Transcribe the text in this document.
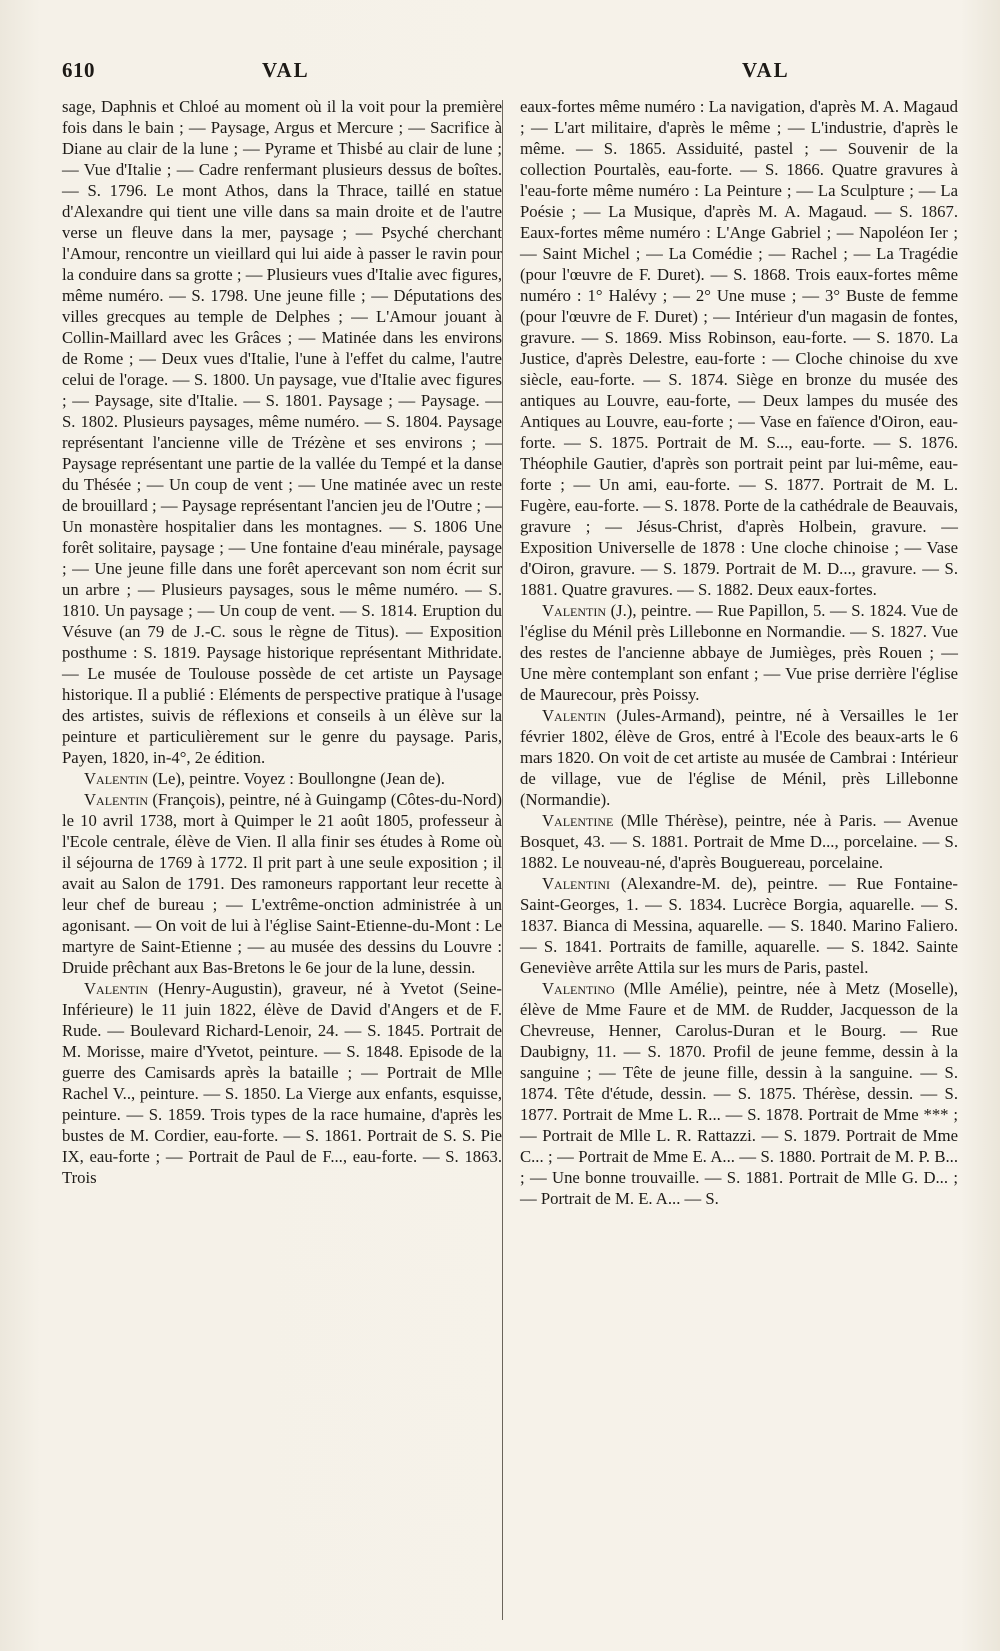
610	VAL	VAL

sage, Daphnis et Chloé au moment où il la voit pour la première fois dans le bain ; — Paysage, Argus et Mercure ; — Sacrifice à Diane au clair de la lune ; — Pyrame et Thisbé au clair de lune ; — Vue d'Italie ; — Cadre renfermant plusieurs dessus de boîtes. — S. 1796. Le mont Athos, dans la Thrace, taillé en statue d'Alexandre qui tient une ville dans sa main droite et de l'autre verse un fleuve dans la mer, paysage ; — Psyché cherchant l'Amour, rencontre un vieillard qui lui aide à passer le ravin pour la conduire dans sa grotte ; — Plusieurs vues d'Italie avec figures, même numéro. — S. 1798. Une jeune fille ; — Députations des villes grecques au temple de Delphes ; — L'Amour jouant à Collin-Maillard avec les Grâces ; — Matinée dans les environs de Rome ; — Deux vues d'Italie, l'une à l'effet du calme, l'autre celui de l'orage. — S. 1800. Un paysage, vue d'Italie avec figures ; — Paysage, site d'Italie. — S. 1801. Paysage ; — Paysage. — S. 1802. Plusieurs paysages, même numéro. — S. 1804. Paysage représentant l'ancienne ville de Trézène et ses environs ; — Paysage représentant une partie de la vallée du Tempé et la danse du Thésée ; — Un coup de vent ; — Une matinée avec un reste de brouillard ; — Paysage représentant l'ancien jeu de l'Outre ; — Un monastère hospitalier dans les montagnes. — S. 1806 Une forêt solitaire, paysage ; — Une fontaine d'eau minérale, paysage ; — Une jeune fille dans une forêt apercevant son nom écrit sur un arbre ; — Plusieurs paysages, sous le même numéro. — S. 1810. Un paysage ; — Un coup de vent. — S. 1814. Eruption du Vésuve (an 79 de J.-C. sous le règne de Titus). — Exposition posthume : S. 1819. Paysage historique représentant Mithridate. — Le musée de Toulouse possède de cet artiste un Paysage historique. Il a publié : Eléments de perspective pratique à l'usage des artistes, suivis de réflexions et conseils à un élève sur la peinture et particulièrement sur le genre du paysage. Paris, Payen, 1820, in-4°, 2e édition.

Valentin (Le), peintre. Voyez : Boullongne (Jean de).

Valentin (François), peintre, né à Guingamp (Côtes-du-Nord) le 10 avril 1738, mort à Quimper le 21 août 1805, professeur à l'Ecole centrale, élève de Vien. Il alla finir ses études à Rome où il séjourna de 1769 à 1772. Il prit part à une seule exposition ; il avait au Salon de 1791. Des ramoneurs rapportant leur recette à leur chef de bureau ; — L'extrême-onction administrée à un agonisant. — On voit de lui à l'église Saint-Etienne-du-Mont : Le martyre de Saint-Etienne ; — au musée des dessins du Louvre : Druide prêchant aux Bas-Bretons le 6e jour de la lune, dessin.

Valentin (Henry-Augustin), graveur, né à Yvetot (Seine-Inférieure) le 11 juin 1822, élève de David d'Angers et de F. Rude. — Boulevard Richard-Lenoir, 24. — S. 1845. Portrait de M. Morisse, maire d'Yvetot, peinture. — S. 1848. Episode de la guerre des Camisards après la bataille ; — Portrait de Mlle Rachel V.., peinture. — S. 1850. La Vierge aux enfants, esquisse, peinture. — S. 1859. Trois types de la race humaine, d'après les bustes de M. Cordier, eau-forte. — S. 1861. Portrait de S. S. Pie IX, eau-forte ; — Portrait de Paul de F..., eau-forte. — S. 1863. Trois

eaux-fortes même numéro : La navigation, d'après M. A. Magaud ; — L'art militaire, d'après le même ; — L'industrie, d'après le même. — S. 1865. Assiduité, pastel ; — Souvenir de la collection Pourtalès, eau-forte. — S. 1866. Quatre gravures à l'eau-forte même numéro : La Peinture ; — La Sculpture ; — La Poésie ; — La Musique, d'après M. A. Magaud. — S. 1867. Eaux-fortes même numéro : L'Ange Gabriel ; — Napoléon Ier ; — Saint Michel ; — La Comédie ; — Rachel ; — La Tragédie (pour l'œuvre de F. Duret). — S. 1868. Trois eaux-fortes même numéro : 1° Halévy ; — 2° Une muse ; — 3° Buste de femme (pour l'œuvre de F. Duret) ; — Intérieur d'un magasin de fontes, gravure. — S. 1869. Miss Robinson, eau-forte. — S. 1870. La Justice, d'après Delestre, eau-forte : — Cloche chinoise du xve siècle, eau-forte. — S. 1874. Siège en bronze du musée des antiques au Louvre, eau-forte, — Deux lampes du musée des Antiques au Louvre, eau-forte ; — Vase en faïence d'Oiron, eau-forte. — S. 1875. Portrait de M. S..., eau-forte. — S. 1876. Théophile Gautier, d'après son portrait peint par lui-même, eau-forte ; — Un ami, eau-forte. — S. 1877. Portrait de M. L. Fugère, eau-forte. — S. 1878. Porte de la cathédrale de Beauvais, gravure ; — Jésus-Christ, d'après Holbein, gravure. — Exposition Universelle de 1878 : Une cloche chinoise ; — Vase d'Oiron, gravure. — S. 1879. Portrait de M. D..., gravure. — S. 1881. Quatre gravures. — S. 1882. Deux eaux-fortes.

Valentin (J.), peintre. — Rue Papillon, 5. — S. 1824. Vue de l'église du Ménil près Lillebonne en Normandie. — S. 1827. Vue des restes de l'ancienne abbaye de Jumièges, près Rouen ; — Une mère contemplant son enfant ; — Vue prise derrière l'église de Maurecour, près Poissy.

Valentin (Jules-Armand), peintre, né à Versailles le 1er février 1802, élève de Gros, entré à l'Ecole des beaux-arts le 6 mars 1820. On voit de cet artiste au musée de Cambrai : Intérieur de village, vue de l'église de Ménil, près Lillebonne (Normandie).

Valentine (Mlle Thérèse), peintre, née à Paris. — Avenue Bosquet, 43. — S. 1881. Portrait de Mme D..., porcelaine. — S. 1882. Le nouveau-né, d'après Bouguereau, porcelaine.

Valentini (Alexandre-M. de), peintre. — Rue Fontaine-Saint-Georges, 1. — S. 1834. Lucrèce Borgia, aquarelle. — S. 1837. Bianca di Messina, aquarelle. — S. 1840. Marino Faliero. — S. 1841. Portraits de famille, aquarelle. — S. 1842. Sainte Geneviève arrête Attila sur les murs de Paris, pastel.

Valentino (Mlle Amélie), peintre, née à Metz (Moselle), élève de Mme Faure et de MM. de Rudder, Jacquesson de la Chevreuse, Henner, Carolus-Duran et le Bourg. — Rue Daubigny, 11. — S. 1870. Profil de jeune femme, dessin à la sanguine ; — Tête de jeune fille, dessin à la sanguine. — S. 1874. Tête d'étude, dessin. — S. 1875. Thérèse, dessin. — S. 1877. Portrait de Mme L. R... — S. 1878. Portrait de Mme *** ; — Portrait de Mlle L. R. Rattazzi. — S. 1879. Portrait de Mme C... ; — Portrait de Mme E. A... — S. 1880. Portrait de M. P. B... ; — Une bonne trouvaille. — S. 1881. Portrait de Mlle G. D... ; — Portrait de M. E. A... — S.
